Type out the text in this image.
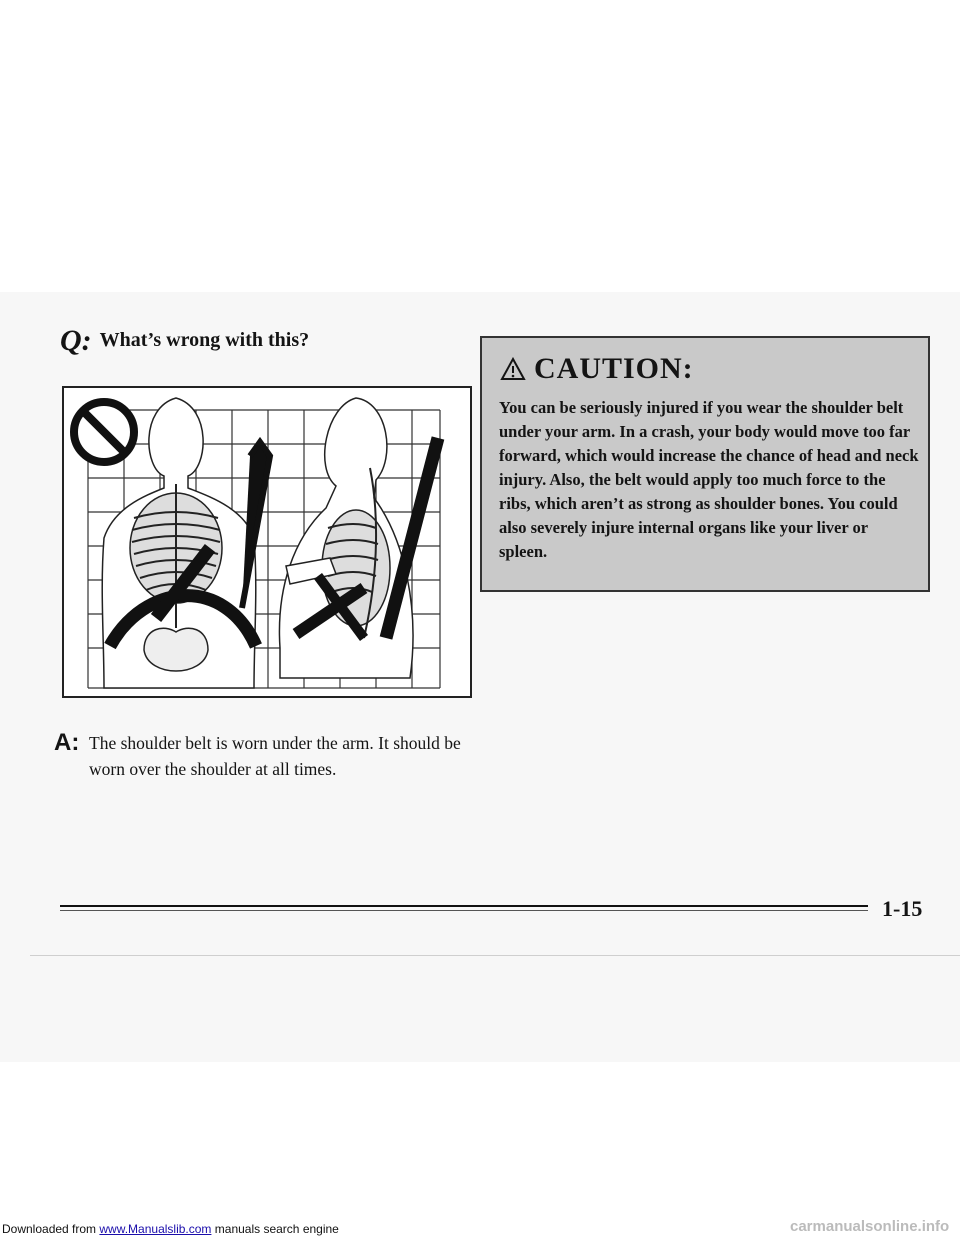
Q: What’s wrong with this?
A: The shoulder belt is worn under the arm. It should be worn over the shoulder at all times.
CAUTION:
You can be seriously injured if you wear the shoulder belt under your arm. In a crash, your body would move too far forward, which would increase the chance of head and neck injury. Also, the belt would apply too much force to the ribs, which aren’t as strong as shoulder bones. You could also severely injure internal organs like your liver or spleen.
1-15
Downloaded from www.Manualslib.com manuals search engine	carmanualsonline.info
